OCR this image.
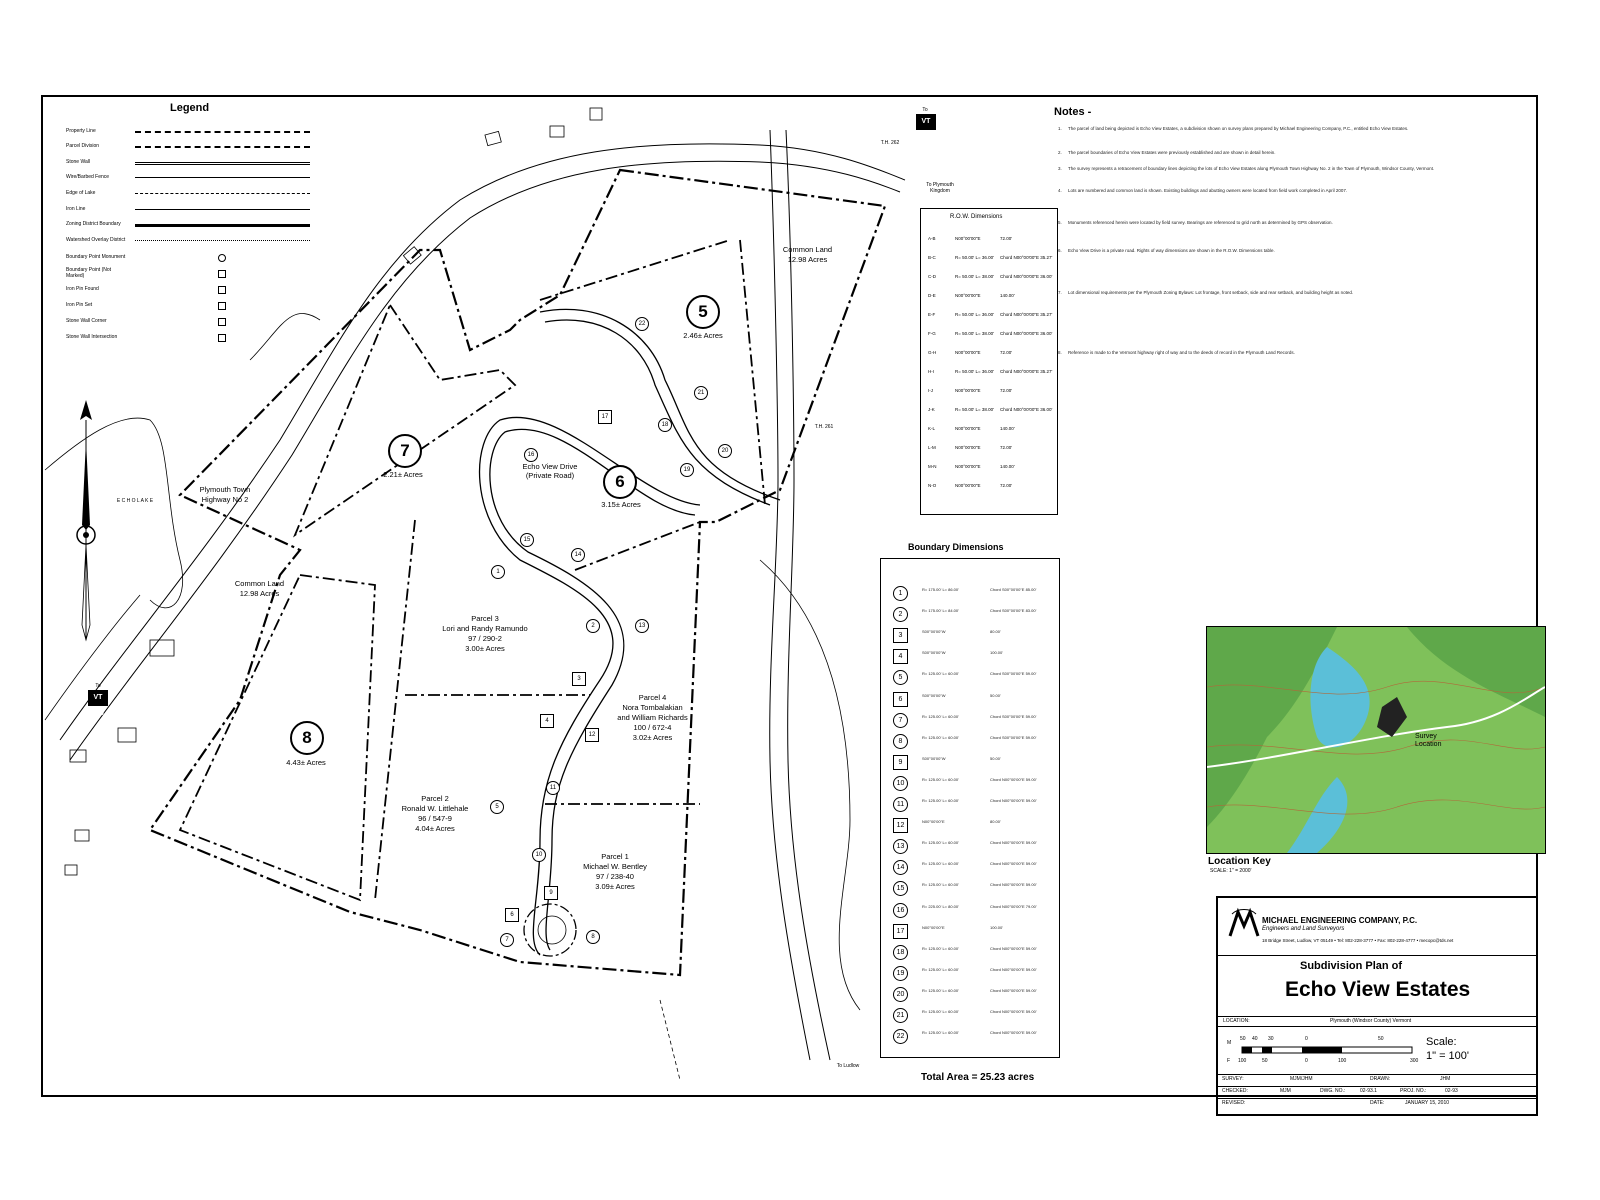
Legend
Property Line
Parcel Division
Stone Wall
Wire/Barbed Fence
Edge of Lake
Iron Line
Zoning District Boundary
Watershed Overlay District
Boundary Point Monument
Boundary Point (Not Marked)
Iron Pin Found
Iron Pin Set
Stone Wall Corner
Stone Wall Intersection
Notes -
1. The parcel of land being depicted is Echo View Estates, a subdivision shown on survey plans prepared by Michael Engineering Company, P.C., entitled Echo View Estates.
2. The parcel boundaries of Echo View Estates were previously established and are shown in detail herein.
3. The survey represents a retracement of boundary lines depicting the lots of Echo View Estates along Plymouth Town Highway No. 2 in the Town of Plymouth, Windsor County, Vermont.
4. Lots are numbered and common land is shown. Existing buildings and abutting owners were located from field work completed in April 2007.
5. Monuments referenced herein were located by field survey. Bearings are referenced to grid north as determined by GPS observation.
6. Echo View Drive is a private road. Rights of way dimensions are shown in the R.O.W. Dimensions table.
7. Lot dimensional requirements per the Plymouth Zoning Bylaws: Lot frontage, front setback, side and rear setback, and building height as noted.
8. Reference is made to the Vermont highway right of way and to the deeds of record in the Plymouth Land Records.
R.O.W. Dimensions
A-B	N00°00'00"E	72.00'
B-C	R= 50.00' L= 36.00' Chord N00°00'00"E 35.27'
C-D	R= 50.00' L= 38.00' Chord N00°00'00"E 36.00'
D-E	N00°00'00"E	140.00'
E-F	R= 50.00' L= 36.00' Chord N00°00'00"E 35.27'
F-G	R= 50.00' L= 38.00' Chord N00°00'00"E 36.00'
G-H	N00°00'00"E	72.00'
H-I	R= 50.00' L= 36.00' Chord N00°00'00"E 35.27'
I-J	N00°00'00"E	72.00'
J-K	R= 50.00' L= 38.00' Chord N00°00'00"E 36.00'
K-L	N00°00'00"E	140.00'
L-M	N00°00'00"E	72.00'
M-N	N00°00'00"E	140.00'
N-O	N00°00'00"E	72.00'
Boundary Dimensions
1
R= 175.00' L= 86.00'	Chord S00°00'00"E 85.00'
2
R= 175.00' L= 84.00'	Chord S00°00'00"E 83.00'
3
S00°00'00"W	80.00'
4
S00°00'00"W	100.00'
5
R= 125.00' L= 60.00'	Chord S00°00'00"E 59.00'
6
S00°00'00"W	50.00'
7
R= 125.00' L= 60.00'	Chord S00°00'00"E 59.00'
8
R= 125.00' L= 60.00'	Chord S00°00'00"E 59.00'
9
S00°00'00"W	50.00'
10
R= 125.00' L= 60.00'	Chord N00°00'00"E 59.00'
11
R= 125.00' L= 60.00'	Chord N00°00'00"E 59.00'
12
N00°00'00"E	80.00'
13
R= 125.00' L= 60.00'	Chord N00°00'00"E 59.00'
14
R= 125.00' L= 60.00'	Chord N00°00'00"E 59.00'
15
R= 125.00' L= 60.00'	Chord N00°00'00"E 59.00'
16
R= 225.00' L= 80.00'	Chord N00°00'00"E 79.00'
17
N00°00'00"E	100.00'
18
R= 125.00' L= 60.00'	Chord N00°00'00"E 59.00'
19
R= 125.00' L= 60.00'	Chord N00°00'00"E 59.00'
20
R= 125.00' L= 60.00'	Chord N00°00'00"E 59.00'
21
R= 125.00' L= 60.00'	Chord N00°00'00"E 59.00'
22
R= 125.00' L= 60.00'	Chord N00°00'00"E 59.00'
Total Area = 25.23 acres
5
2.46± Acres
6
3.15± Acres
7
2.21± Acres
8
4.43± Acres
Common Land
12.98 Acres
Common Land
12.98 Acres
Parcel 1
Michael W. Bentley
97 / 238-40
3.09± Acres
Parcel 2
Ronald W. Littlehale
96 / 547-9
4.04± Acres
Parcel 3
Lori and Randy Ramundo
97 / 290-2
3.00± Acres
Parcel 4
Nora Tombalakian
and William Richards
100 / 672-4
3.02± Acres
Echo View Drive
(Private Road)
1
2
3
4
5
6
7	8
9
10
11
12
13
14
15
16
17
18
19
20
21
22
Plymouth Town
Highway No 2
E C H O L A K E
T.H. 262
T.H. 261
To Plymouth
Kingdom
To Ludlow
To
To
VT 100
VT 100
Survey
Location
Location Key
SCALE: 1" = 2000'
MICHAEL ENGINEERING COMPANY, P.C.
Engineers and Land Surveyors
18 Bridge Street, Ludlow, VT 05149 • Tel: 802-228-3777 • Fax: 802-228-4777 • mecopc@tds.net
Subdivision Plan of
Echo View Estates
LOCATION:	Plymouth (Windsor County) Vermont
50 40 30	0	50
100	50	0	100	300
M
F
Scale:
1" = 100'
SURVEY:	MJM/JHM	DRAWN:	JHM
CHECKED:	MJM	DWG. NO.:	02-93.1	PROJ. NO.:	02-93
REVISED:	DATE:	JANUARY 15, 2010
